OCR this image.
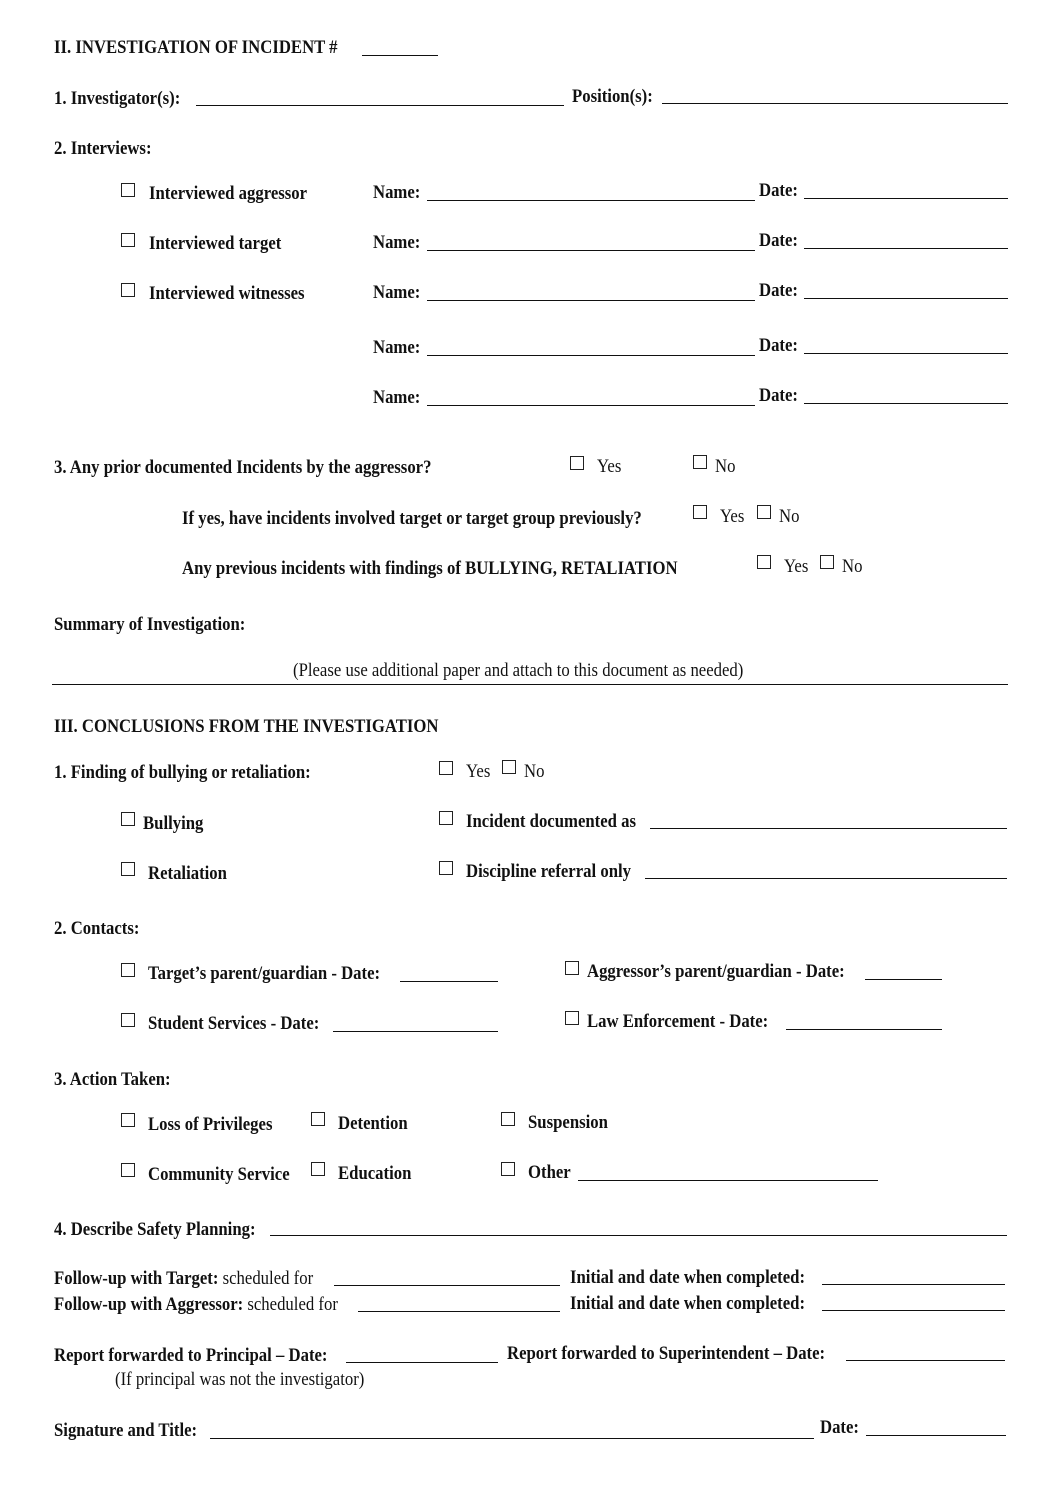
II. INVESTIGATION OF INCIDENT #
1. Investigator(s):	Position(s):
2. Interviews:
Interviewed aggressor	Name:	Date:
Interviewed target	Name:	Date:
Interviewed witnesses	Name:	Date:
Name:	Date:
Name:	Date:
3. Any prior documented Incidents by the aggressor?	Yes	No
If yes, have incidents involved target or target group previously?	Yes No
Any previous incidents with findings of BULLYING, RETALIATION	Yes No
Summary of Investigation:
(Please use additional paper and attach to this document as needed)
III. CONCLUSIONS FROM THE INVESTIGATION
1. Finding of bullying or retaliation:	Yes No
Bullying	Incident documented as
Retaliation	Discipline referral only
2. Contacts:
Target’s parent/guardian - Date:	Aggressor’s parent/guardian - Date:
Student Services - Date:	Law Enforcement - Date:
3. Action Taken:
Loss of Privileges	Detention	Suspension
Community Service	Education	Other
4. Describe Safety Planning:
Follow-up with Target: scheduled for	Initial and date when completed:
Follow-up with Aggressor: scheduled for	Initial and date when completed:
Report forwarded to Principal – Date:	Report forwarded to Superintendent – Date:
(If principal was not the investigator)
Signature and Title:	Date:
